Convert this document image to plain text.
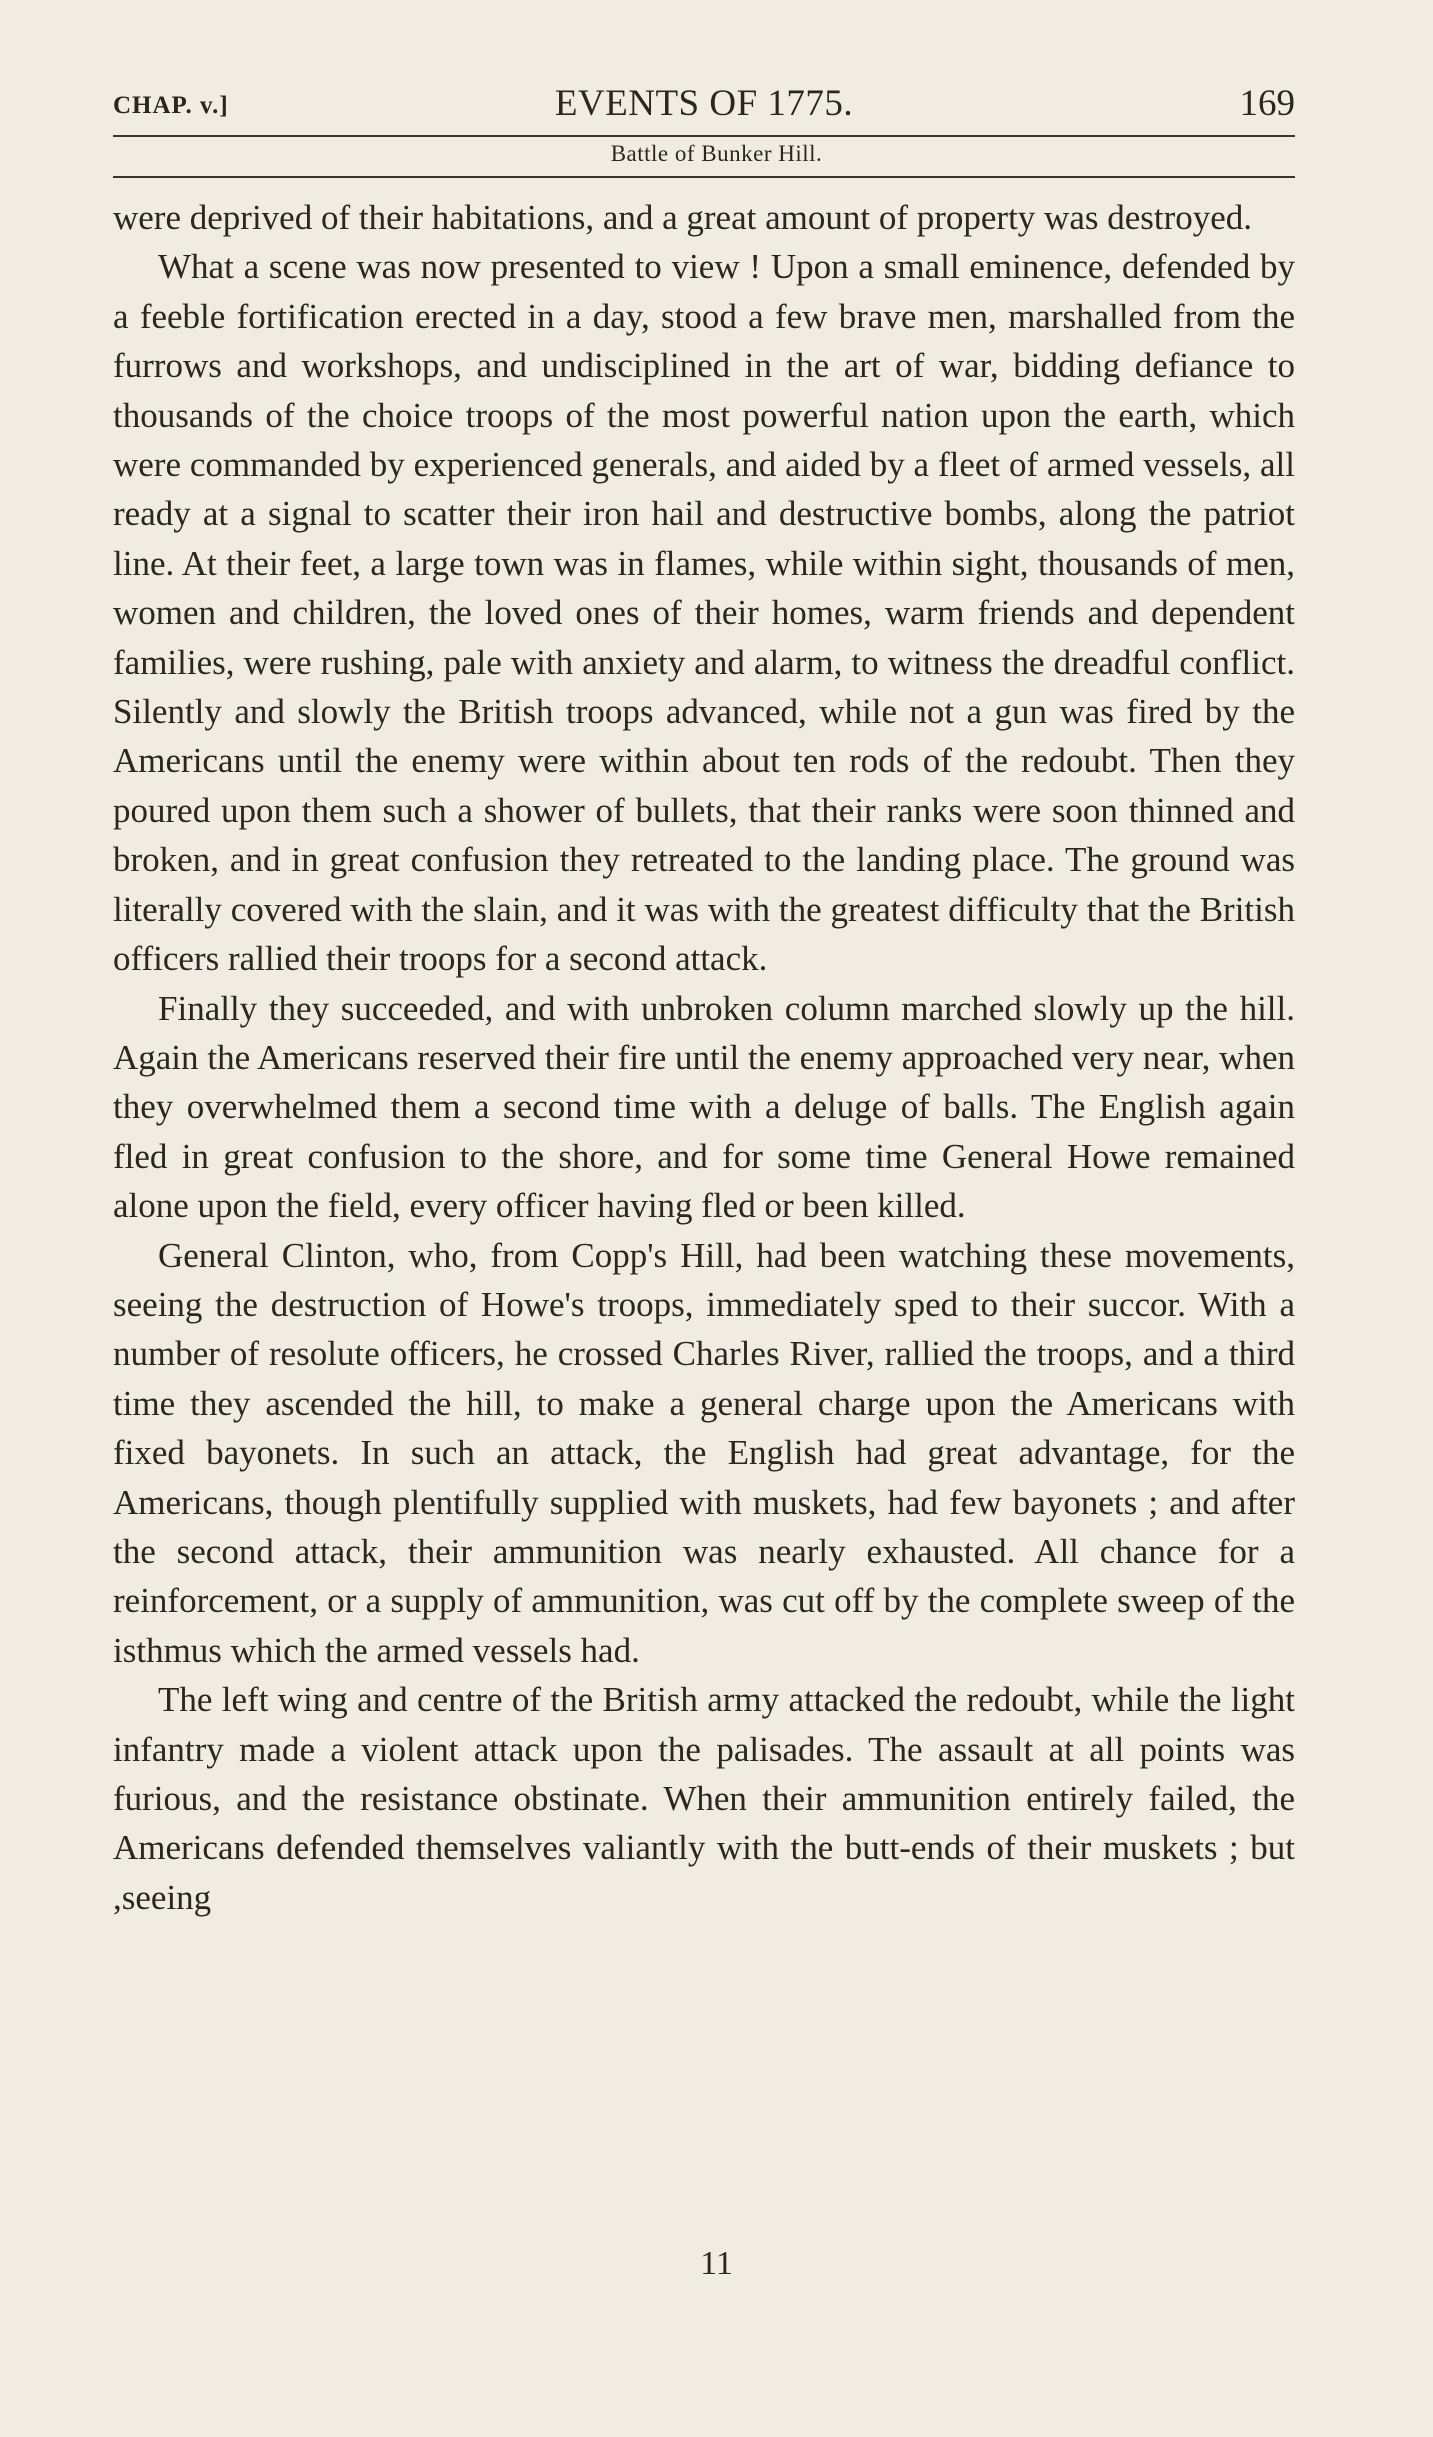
CHAP. v.]	EVENTS OF 1775.	169
Battle of Bunker Hill.

were deprived of their habitations, and a great amount of property was destroyed.

What a scene was now presented to view ! Upon a small eminence, defended by a feeble fortification erected in a day, stood a few brave men, marshalled from the furrows and workshops, and undisciplined in the art of war, bidding defiance to thousands of the choice troops of the most powerful nation upon the earth, which were commanded by experienced generals, and aided by a fleet of armed vessels, all ready at a signal to scatter their iron hail and destructive bombs, along the patriot line. At their feet, a large town was in flames, while within sight, thousands of men, women and children, the loved ones of their homes, warm friends and dependent families, were rushing, pale with anxiety and alarm, to witness the dreadful conflict. Silently and slowly the British troops advanced, while not a gun was fired by the Americans until the enemy were within about ten rods of the redoubt. Then they poured upon them such a shower of bullets, that their ranks were soon thinned and broken, and in great confusion they retreated to the landing place. The ground was literally covered with the slain, and it was with the greatest difficulty that the British officers rallied their troops for a second attack.

Finally they succeeded, and with unbroken column marched slowly up the hill. Again the Americans reserved their fire until the enemy approached very near, when they overwhelmed them a second time with a deluge of balls. The English again fled in great confusion to the shore, and for some time General Howe remained alone upon the field, every officer having fled or been killed.

General Clinton, who, from Copp's Hill, had been watching these movements, seeing the destruction of Howe's troops, immediately sped to their succor. With a number of resolute officers, he crossed Charles River, rallied the troops, and a third time they ascended the hill, to make a general charge upon the Americans with fixed bayonets. In such an attack, the English had great advantage, for the Americans, though plentifully supplied with muskets, had few bayonets ; and after the second attack, their ammunition was nearly exhausted. All chance for a reinforcement, or a supply of ammunition, was cut off by the complete sweep of the isthmus which the armed vessels had.

The left wing and centre of the British army attacked the redoubt, while the light infantry made a violent attack upon the palisades. The assault at all points was furious, and the resistance obstinate. When their ammunition entirely failed, the Americans defended themselves valiantly with the butt-ends of their muskets ; but ,seeing

11
